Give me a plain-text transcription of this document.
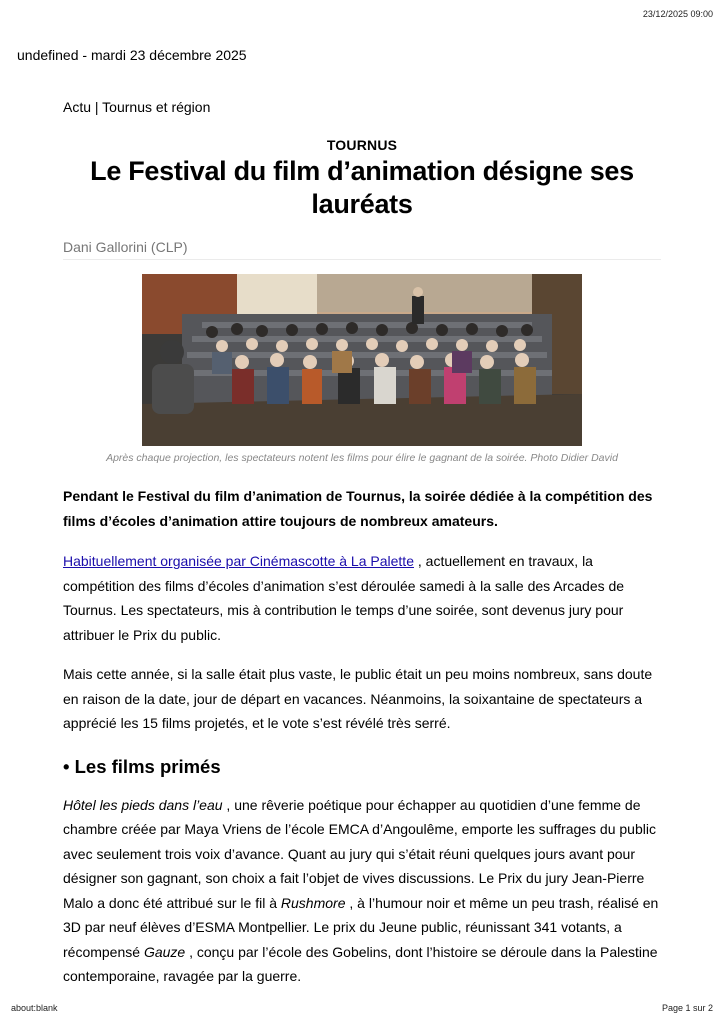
23/12/2025 09:00
undefined - mardi 23 décembre 2025
Actu | Tournus et région
TOURNUS
Le Festival du film d’animation désigne ses lauréats
Dani Gallorini (CLP)
Après chaque projection, les spectateurs notent les films pour élire le gagnant de la soirée. Photo Didier David
Pendant le Festival du film d’animation de Tournus, la soirée dédiée à la compétition des films d’écoles d’animation attire toujours de nombreux amateurs.

Habituellement organisée par Cinémascotte à La Palette , actuellement en travaux, la compétition des films d’écoles d’animation s’est déroulée samedi à la salle des Arcades de Tournus. Les spectateurs, mis à contribution le temps d’une soirée, sont devenus jury pour attribuer le Prix du public.

Mais cette année, si la salle était plus vaste, le public était un peu moins nombreux, sans doute en raison de la date, jour de départ en vacances. Néanmoins, la soixantaine de spectateurs a apprécié les 15 films projetés, et le vote s’est révélé très serré.

• Les films primés

Hôtel les pieds dans l’eau , une rêverie poétique pour échapper au quotidien d’une femme de chambre créée par Maya Vriens de l’école EMCA d’Angoulême, emporte les suffrages du public avec seulement trois voix d’avance. Quant au jury qui s’était réuni quelques jours avant pour désigner son gagnant, son choix a fait l’objet de vives discussions. Le Prix du jury Jean-Pierre Malo a donc été attribué sur le fil à Rushmore , à l’humour noir et même un peu trash, réalisé en 3D par neuf élèves d’ESMA Montpellier. Le prix du Jeune public, réunissant 341 votants, a récompensé Gauze , conçu par l’école des Gobelins, dont l’histoire se déroule dans la Palestine contemporaine, ravagée par la guerre.

about:blank	Page 1 sur 2
